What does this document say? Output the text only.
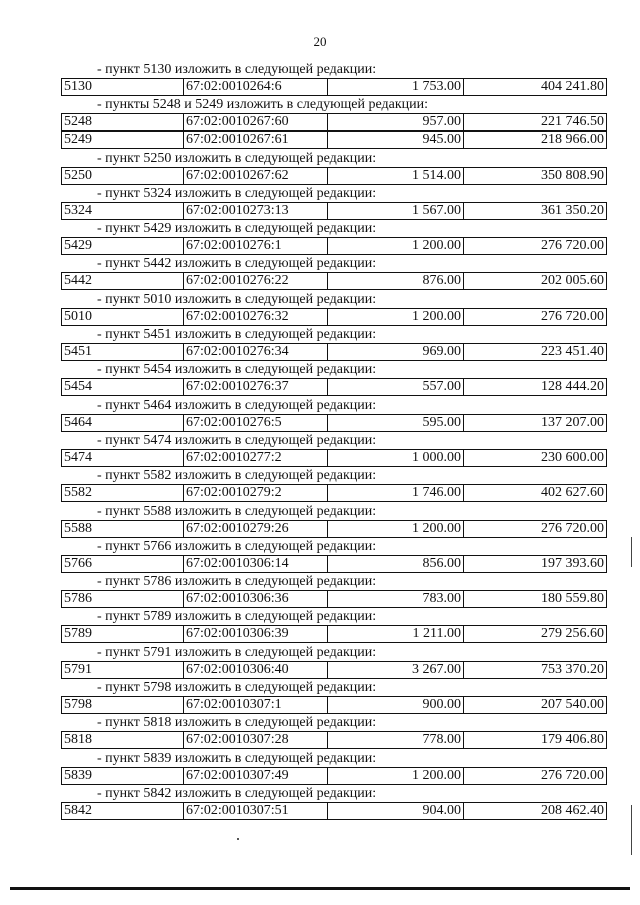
20
- пункт 5130 изложить в следующей редакции:
5130	67:02:0010264:6	1 753.00	404 241.80
- пункты 5248 и 5249 изложить в следующей редакции:
5248	67:02:0010267:60	957.00	221 746.50
5249	67:02:0010267:61	945.00	218 966.00
- пункт 5250 изложить в следующей редакции:
5250	67:02:0010267:62	1 514.00	350 808.90
- пункт 5324 изложить в следующей редакции:
5324	67:02:0010273:13	1 567.00	361 350.20
- пункт 5429 изложить в следующей редакции:
5429	67:02:0010276:1	1 200.00	276 720.00
- пункт 5442 изложить в следующей редакции:
5442	67:02:0010276:22	876.00	202 005.60
- пункт 5010 изложить в следующей редакции:
5010	67:02:0010276:32	1 200.00	276 720.00
- пункт 5451 изложить в следующей редакции:
5451	67:02:0010276:34	969.00	223 451.40
- пункт 5454 изложить в следующей редакции:
5454	67:02:0010276:37	557.00	128 444.20
- пункт 5464 изложить в следующей редакции:
5464	67:02:0010276:5	595.00	137 207.00
- пункт 5474 изложить в следующей редакции:
5474	67:02:0010277:2	1 000.00	230 600.00
- пункт 5582 изложить в следующей редакции:
5582	67:02:0010279:2	1 746.00	402 627.60
- пункт 5588 изложить в следующей редакции:
5588	67:02:0010279:26	1 200.00	276 720.00
- пункт 5766 изложить в следующей редакции:
5766	67:02:0010306:14	856.00	197 393.60
- пункт 5786 изложить в следующей редакции:
5786	67:02:0010306:36	783.00	180 559.80
- пункт 5789 изложить в следующей редакции:
5789	67:02:0010306:39	1 211.00	279 256.60
- пункт 5791 изложить в следующей редакции:
5791	67:02:0010306:40	3 267.00	753 370.20
- пункт 5798 изложить в следующей редакции:
5798	67:02:0010307:1	900.00	207 540.00
- пункт 5818 изложить в следующей редакции:
5818	67:02:0010307:28	778.00	179 406.80
- пункт 5839 изложить в следующей редакции:
5839	67:02:0010307:49	1 200.00	276 720.00
- пункт 5842 изложить в следующей редакции:
5842	67:02:0010307:51	904.00	208 462.40
